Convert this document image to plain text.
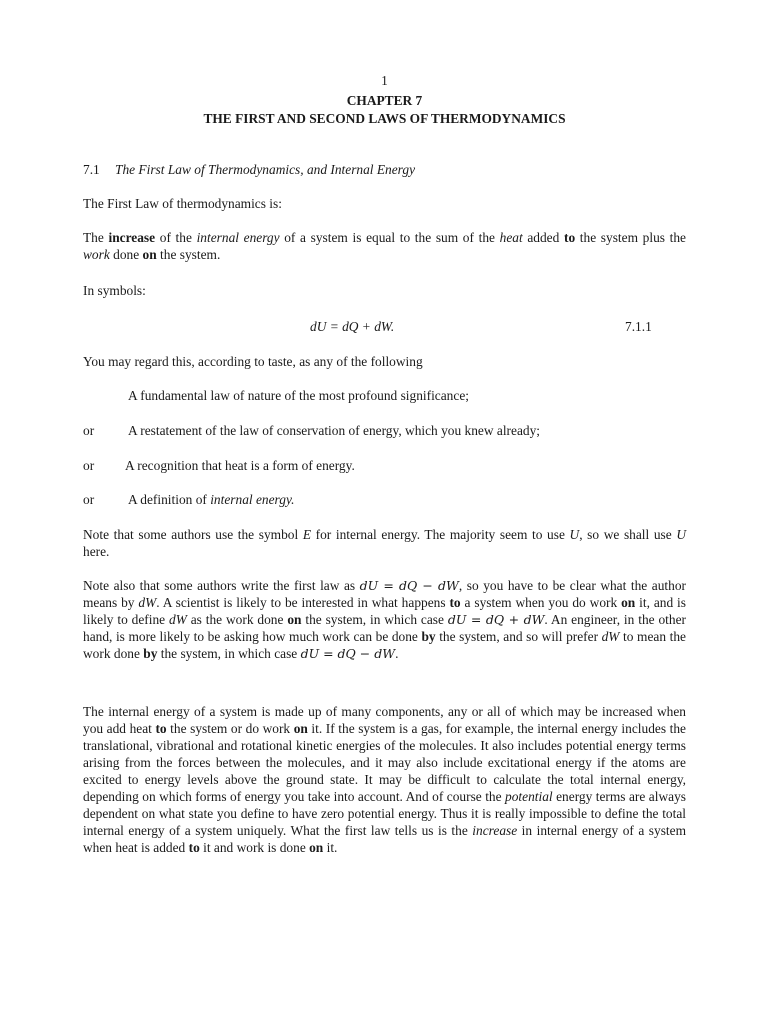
1
CHAPTER 7
THE FIRST AND SECOND LAWS OF THERMODYNAMICS
7.1 The First Law of Thermodynamics, and Internal Energy
The First Law of thermodynamics is:
The increase of the internal energy of a system is equal to the sum of the heat added to the system plus the work done on the system.
In symbols:
dU = dQ + dW.	7.1.1
You may regard this, according to taste, as any of the following
A fundamental law of nature of the most profound significance;
or	A restatement of the law of conservation of energy, which you knew already;
or A recognition that heat is a form of energy.
or	A definition of internal energy.
Note that some authors use the symbol E for internal energy. The majority seem to use U, so we shall use U here.
Note also that some authors write the first law as dU = dQ − dW, so you have to be clear what the author means by dW. A scientist is likely to be interested in what happens to a system when you do work on it, and is likely to define dW as the work done on the system, in which case dU = dQ + dW. An engineer, in the other hand, is more likely to be asking how much work can be done by the system, and so will prefer dW to mean the work done by the system, in which case dU = dQ − dW.
The internal energy of a system is made up of many components, any or all of which may be increased when you add heat to the system or do work on it. If the system is a gas, for example, the internal energy includes the translational, vibrational and rotational kinetic energies of the molecules. It also includes potential energy terms arising from the forces between the molecules, and it may also include excitational energy if the atoms are excited to energy levels above the ground state. It may be difficult to calculate the total internal energy, depending on which forms of energy you take into account. And of course the potential energy terms are always dependent on what state you define to have zero potential energy. Thus it is really impossible to define the total internal energy of a system uniquely. What the first law tells us is the increase in internal energy of a system when heat is added to it and work is done on it.
